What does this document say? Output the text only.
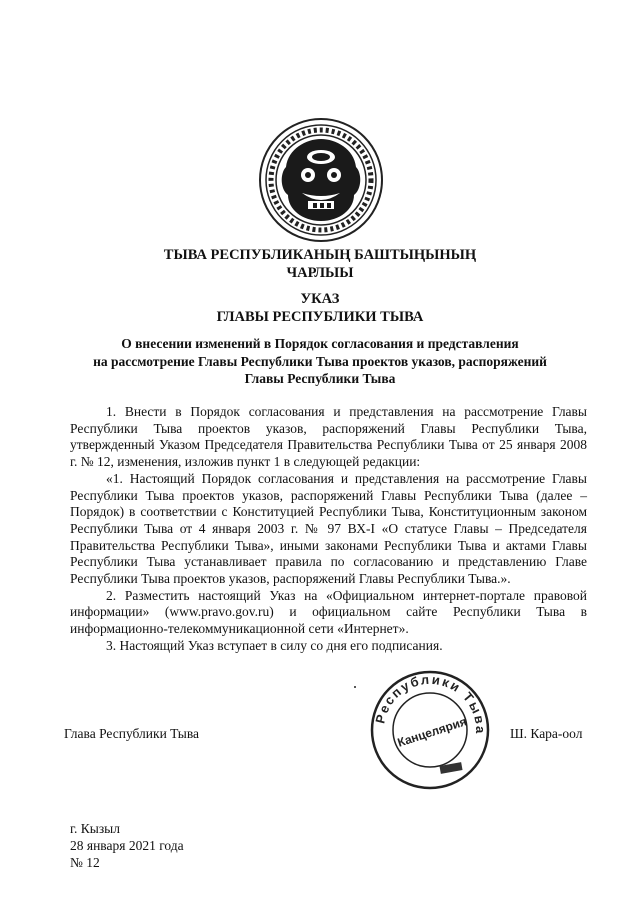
ТЫВА РЕСПУБЛИКАНЫҢ БАШТЫҢЫНЫҢ
ЧАРЛЫЫ
УКАЗ
ГЛАВЫ РЕСПУБЛИКИ ТЫВА
О внесении изменений в Порядок согласования и представления
на рассмотрение Главы Республики Тыва проектов указов, распоряжений
Главы Республики Тыва

1. Внести в Порядок согласования и представления на рассмотрение Главы Республики Тыва проектов указов, распоряжений Главы Республики Тыва, утвержденный Указом Председателя Правительства Республики Тыва от 25 января 2008 г. № 12, изменения, изложив пункт 1 в следующей редакции:

«1. Настоящий Порядок согласования и представления на рассмотрение Главы Республики Тыва проектов указов, распоряжений Главы Республики Тыва (далее – Порядок) в соответствии с Конституцией Республики Тыва, Конституционным законом Республики Тыва от 4 января 2003 г. № 97 ВХ-I «О статусе Главы – Председателя Правительства Республики Тыва», иными законами Республики Тыва и актами Главы Республики Тыва устанавливает правила по согласованию и представлению Главе Республики Тыва проектов указов, распоряжений Главы Республики Тыва.».

2. Разместить настоящий Указ на «Официальном интернет-портале правовой информации» (www.pravo.gov.ru) и официальном сайте Республики Тыва в информационно-телекоммуникационной сети «Интернет».

3. Настоящий Указ вступает в силу со дня его подписания.

Глава Республики Тыва
Республики Тыва
Канцелярия	Ш. Кара-оол
г. Кызыл
28 января 2021 года
№ 12
